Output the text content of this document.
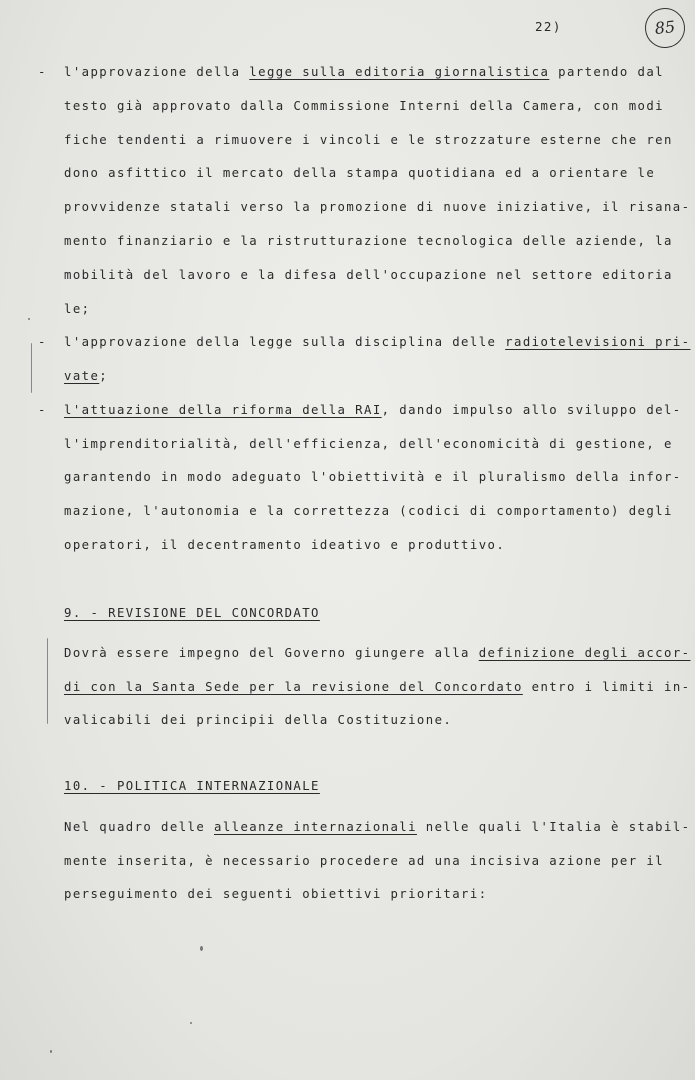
22)	85
- l'approvazione della legge sulla editoria giornalistica partendo dal

testo già approvato dalla Commissione Interni della Camera, con modi

fiche tendenti a rimuovere i vincoli e le strozzature esterne che ren

dono asfittico il mercato della stampa quotidiana ed a orientare le

provvidenze statali verso la promozione di nuove iniziative, il risana-

mento finanziario e la ristrutturazione tecnologica delle aziende, la

mobilità del lavoro e la difesa dell'occupazione nel settore editoria

le;

- l'approvazione della legge sulla disciplina delle radiotelevisioni pri-

vate;

- l'attuazione della riforma della RAI, dando impulso allo sviluppo del-

l'imprenditorialità, dell'efficienza, dell'economicità di gestione, e

garantendo in modo adeguato l'obiettività e il pluralismo della infor-

mazione, l'autonomia e la correttezza (codici di comportamento) degli

operatori, il decentramento ideativo e produttivo.

9. - REVISIONE DEL CONCORDATO

Dovrà essere impegno del Governo giungere alla definizione degli accor-

di con la Santa Sede per la revisione del Concordato entro i limiti in-

valicabili dei principii della Costituzione.

10. - POLITICA INTERNAZIONALE

Nel quadro delle alleanze internazionali nelle quali l'Italia è stabil-

mente inserita, è necessario procedere ad una incisiva azione per il

perseguimento dei seguenti obiettivi prioritari:
